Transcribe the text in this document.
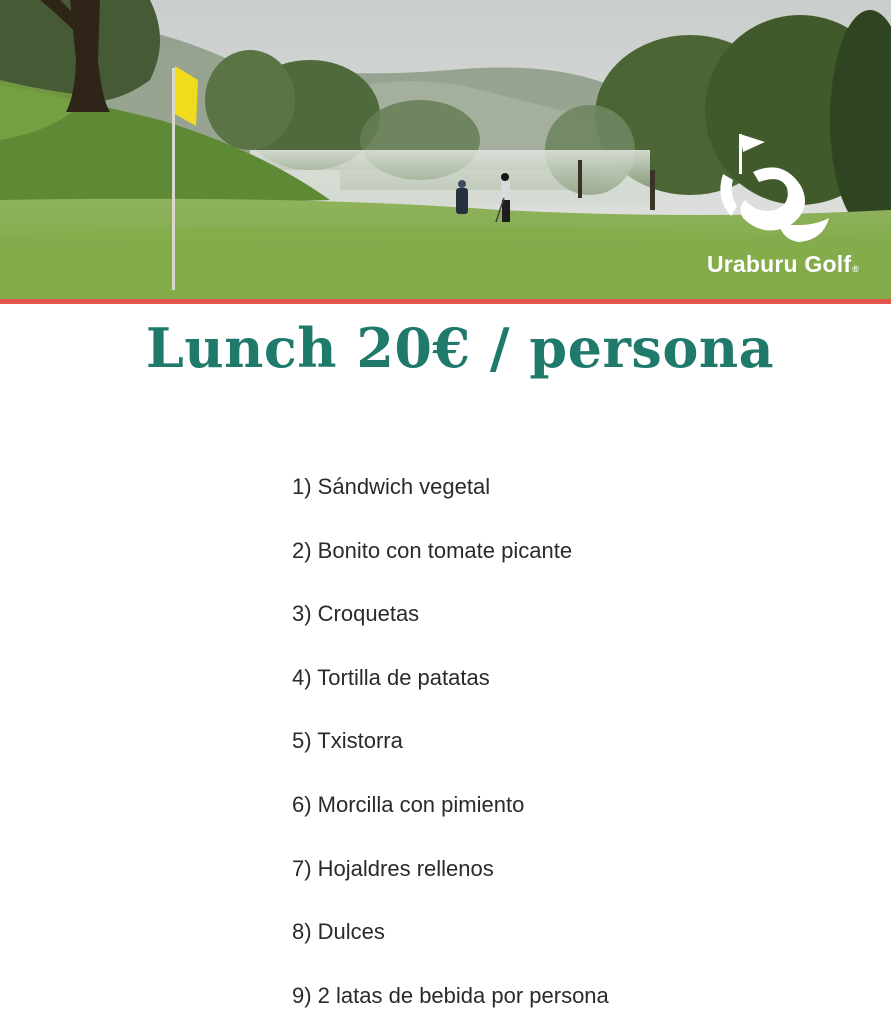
Uraburu Golf®
Lunch 20€ / persona
1) Sándwich vegetal
2) Bonito con tomate picante
3) Croquetas
4) Tortilla de patatas
5) Txistorra
6) Morcilla con pimiento
7) Hojaldres rellenos
8) Dulces
9) 2 latas de bebida por persona
